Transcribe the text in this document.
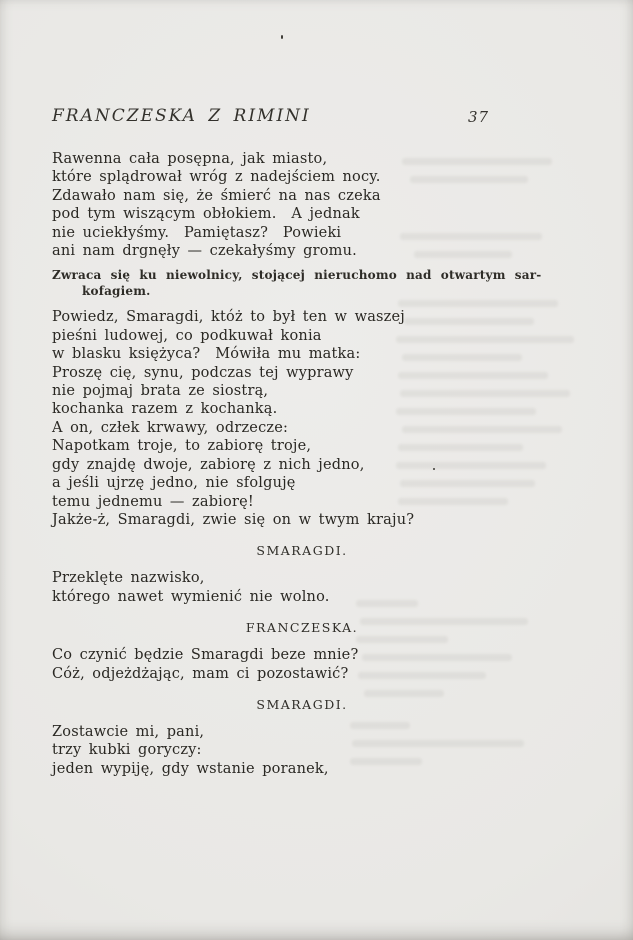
FRANCZESKA Z RIMINI	37
Rawenna cała posępna, jak miasto,
które splądrował wróg z nadejściem nocy.
Zdawało nam się, że śmierć na nas czeka
pod tym wiszącym obłokiem.  A jednak
nie uciekłyśmy.  Pamiętasz?  Powieki
ani nam drgnęły — czekałyśmy gromu.
Zwraca się ku niewolnicy, stojącej nieruchomo nad otwartym sar-
kofagiem.
Powiedz, Smaragdi, któż to był ten w waszej
pieśni ludowej, co podkuwał konia
w blasku księżyca?  Mówiła mu matka:
Proszę cię, synu, podczas tej wyprawy
nie pojmaj brata ze siostrą,
kochanka razem z kochanką.
A on, człek krwawy, odrzecze:
Napotkam troje, to zabiorę troje,
gdy znajdę dwoje, zabiorę z nich jedno,
a jeśli ujrzę jedno, nie sfolguję
temu jednemu — zabiorę!
Jakże-ż, Smaragdi, zwie się on w twym kraju?
SMARAGDI.
Przeklęte nazwisko,
którego nawet wymienić nie wolno.
FRANCZESKA.
Co czynić będzie Smaragdi beze mnie?
Cóż, odjeżdżając, mam ci pozostawić?
SMARAGDI.
Zostawcie mi, pani,
trzy kubki goryczy:
jeden wypiję, gdy wstanie poranek,
